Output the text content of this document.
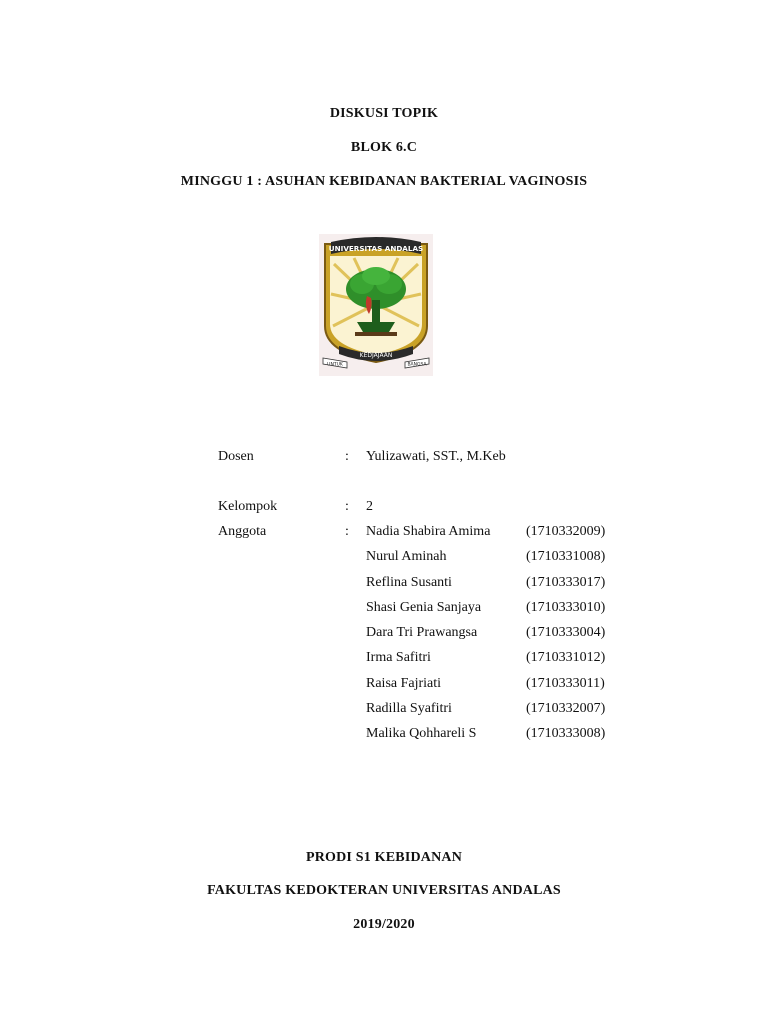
DISKUSI TOPIK
BLOK 6.C
MINGGU 1 : ASUHAN KEBIDANAN BAKTERIAL VAGINOSIS
UNIVERSITAS ANDALAS
KEDJAJAAN
UNTUK	BANGSA
Dosen	: Yulizawati, SST., M.Keb
Kelompok	: 2
Anggota	: Nadia Shabira Amima	(1710332009)
Nurul Aminah	(1710331008)
Reflina Susanti	(1710333017)
Shasi Genia Sanjaya	(1710333010)
Dara Tri Prawangsa	(1710333004)
Irma Safitri	(1710331012)
Raisa Fajriati	(1710333011)
Radilla Syafitri	(1710332007)
Malika Qohhareli S	(1710333008)
PRODI S1 KEBIDANAN
FAKULTAS KEDOKTERAN UNIVERSITAS ANDALAS
2019/2020
